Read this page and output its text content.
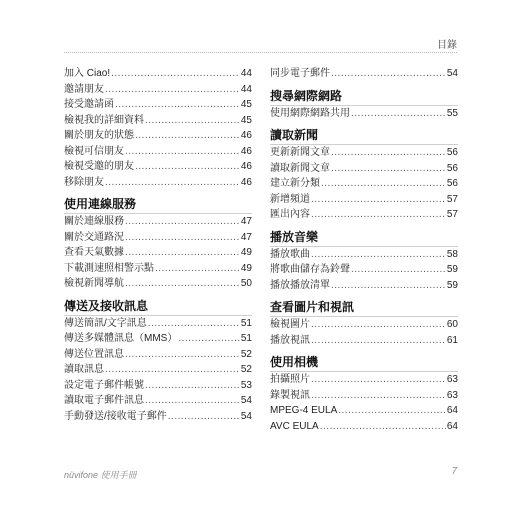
目錄
加入 Ciao! .....	44
邀請朋友 .....	44
接受邀請函 .....	45
檢視我的詳細資料 .....	45
關於朋友的狀態 .....	46
檢視可信朋友 .....	46
檢視受邀的朋友 .....	46
移除朋友 .....	46
使用連線服務
關於連線服務 .....	47
關於交通路況 .....	47
查看天氣數據 .....	49
下載測速照相警示點 .....	49
檢視新聞導航 .....	50
傳送及接收訊息
傳送簡訊/文字訊息 .....	51
傳送多媒體訊息（MMS） .....	51
傳送位置訊息 .....	52
讀取訊息 .....	52
設定電子郵件帳號 .....	53
讀取電子郵件訊息 .....	54
手動發送/接收電子郵件 .....	54
同步電子郵件 .....	54
搜尋網際網路
使用網際網路共用 .....	55
讀取新聞
更新新聞文章 .....	56
讀取新聞文章 .....	56
建立新分類 .....	56
新增頻道 .....	57
匯出內容 .....	57
播放音樂
播放歌曲 .....	58
將歌曲儲存為鈴聲 .....	59
播放播放清單 .....	59
查看圖片和視訊
檢視圖片 .....	60
播放視訊 .....	61
使用相機
拍攝照片 .....	63
錄製視訊 .....	63
MPEG-4 EULA .....	64
AVC EULA .....	64
nüvifone 使用手冊	7
